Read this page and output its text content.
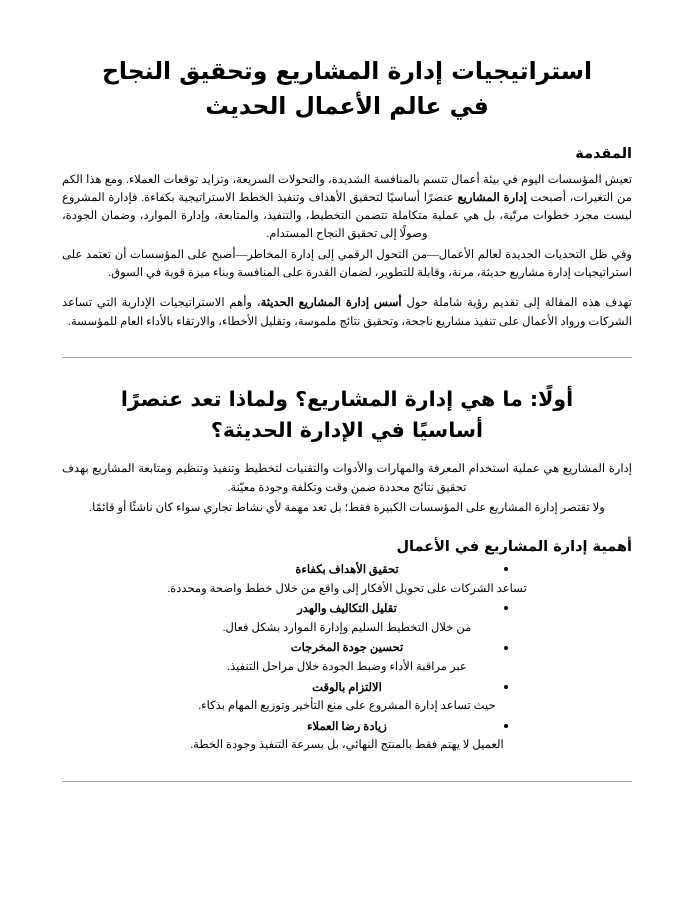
استراتيجيات إدارة المشاريع وتحقيق النجاح في عالم الأعمال الحديث
المقدمة

تعيش المؤسسات اليوم في بيئة أعمال تتسم بالمنافسة الشديدة، والتحولات السريعة، وتزايد توقعات العملاء. ومع هذا الكم من التغيرات، أصبحت إدارة المشاريع عنصرًا أساسيًا لتحقيق الأهداف وتنفيذ الخطط الاستراتيجية بكفاءة. فإدارة المشروع ليست مجرد خطوات مرتّبة، بل هي عملية متكاملة تتضمن التخطيط، والتنفيذ، والمتابعة، وإدارة الموارد، وضمان الجودة، وصولًا إلى تحقيق النجاح المستدام.

وفي ظل التحديات الجديدة لعالم الأعمال—من التحول الرقمي إلى إدارة المخاطر—أصبح على المؤسسات أن تعتمد على استراتيجيات إدارة مشاريع حديثة، مرنة، وقابلة للتطوير، لضمان القدرة على المنافسة وبناء ميزة قوية في السوق.

تهدف هذه المقالة إلى تقديم رؤية شاملة حول أسس إدارة المشاريع الحديثة، وأهم الاستراتيجيات الإدارية التي تساعد الشركات ورواد الأعمال على تنفيذ مشاريع ناجحة، وتحقيق نتائج ملموسة، وتقليل الأخطاء، والارتقاء بالأداء العام للمؤسسة.

أولًا: ما هي إدارة المشاريع؟ ولماذا تعد عنصرًا أساسيًا في الإدارة الحديثة؟

إدارة المشاريع هي عملية استخدام المعرفة والمهارات والأدوات والتقنيات لتخطيط وتنفيذ وتنظيم ومتابعة المشاريع بهدف تحقيق نتائج محددة ضمن وقت وتكلفة وجودة معيّنة.

ولا تقتصر إدارة المشاريع على المؤسسات الكبيرة فقط؛ بل تعد مهمة لأي نشاط تجاري سواء كان ناشئًا أو قائمًا.

أهمية إدارة المشاريع في الأعمال
تحقيق الأهداف بكفاءة
تساعد الشركات على تحويل الأفكار إلى واقع من خلال خطط واضحة ومحددة.
تقليل التكاليف والهدر
من خلال التخطيط السليم وإدارة الموارد بشكل فعال.
تحسين جودة المخرجات
عبر مراقبة الأداء وضبط الجودة خلال مراحل التنفيذ.
الالتزام بالوقت
حيث تساعد إدارة المشروع على منع التأخير وتوزيع المهام بذكاء.
زيادة رضا العملاء
العميل لا يهتم فقط بالمنتج النهائي، بل بسرعة التنفيذ وجودة الخطة.
